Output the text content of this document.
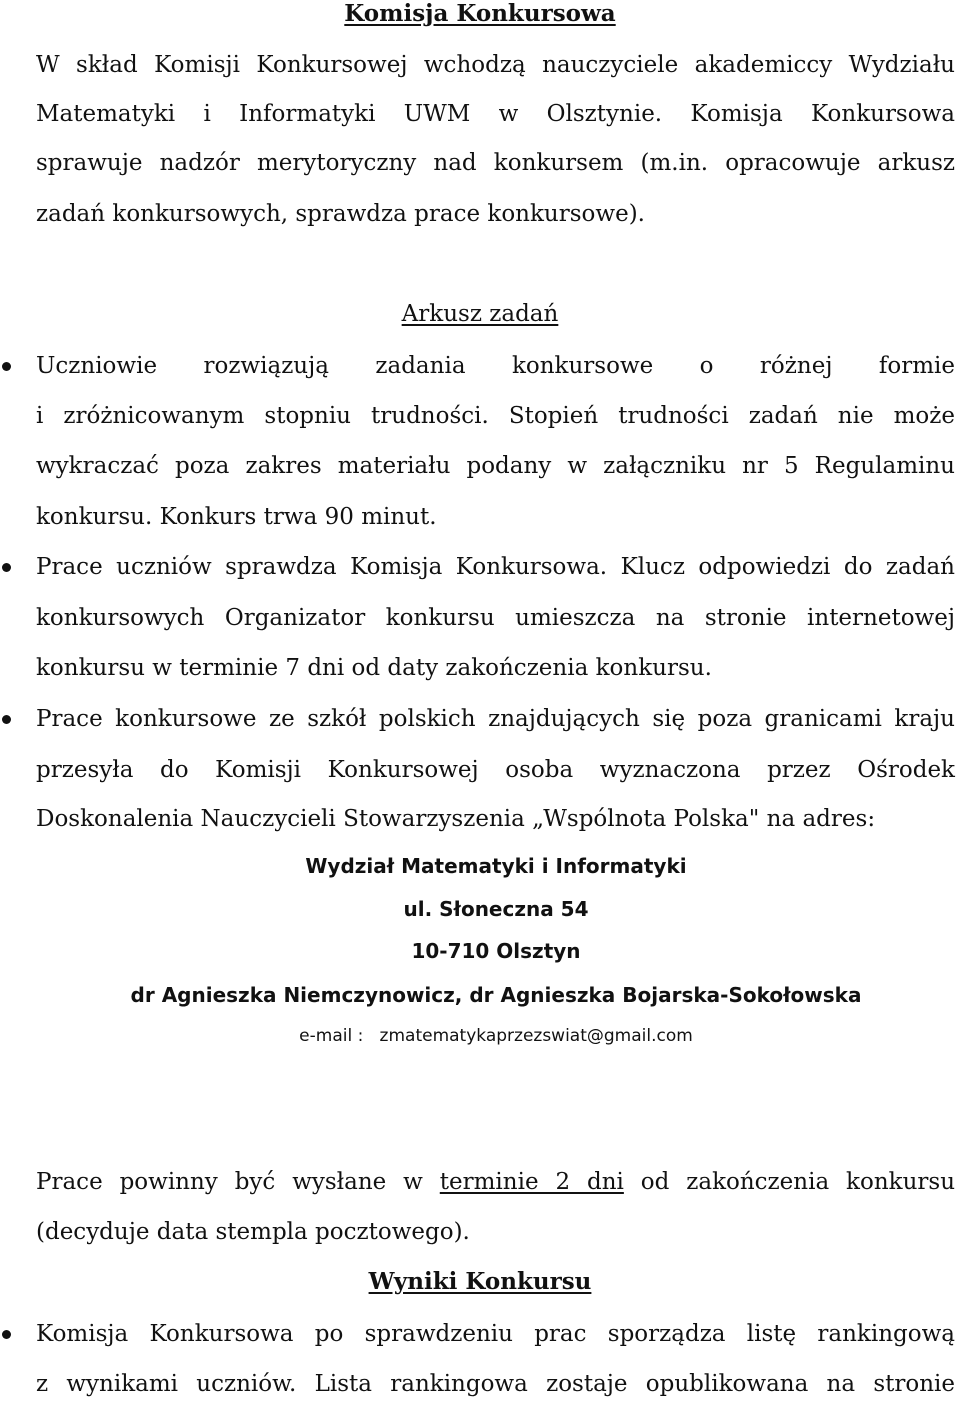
Komisja Konkursowa
W skład Komisji Konkursowej wchodzą nauczyciele akademiccy Wydziału
Matematyki i Informatyki UWM w Olsztynie. Komisja Konkursowa
sprawuje nadzór merytoryczny nad konkursem (m.in. opracowuje arkusz
zadań konkursowych, sprawdza prace konkursowe).
Arkusz zadań
Uczniowie rozwiązują zadania konkursowe o różnej formie
i zróżnicowanym stopniu trudności. Stopień trudności zadań nie może
wykraczać poza zakres materiału podany w załączniku nr 5 Regulaminu
konkursu. Konkurs trwa 90 minut.
Prace uczniów sprawdza Komisja Konkursowa. Klucz odpowiedzi do zadań
konkursowych Organizator konkursu umieszcza na stronie internetowej
konkursu w terminie 7 dni od daty zakończenia konkursu.
Prace konkursowe ze szkół polskich znajdujących się poza granicami kraju
przesyła do Komisji Konkursowej osoba wyznaczona przez Ośrodek
Doskonalenia Nauczycieli Stowarzyszenia „Wspólnota Polska" na adres:
Wydział Matematyki i Informatyki
ul. Słoneczna 54
10-710 Olsztyn
dr Agnieszka Niemczynowicz, dr Agnieszka Bojarska-Sokołowska
e-mail : zmatematykaprzezswiat@gmail.com
Prace powinny być wysłane w terminie 2 dni od zakończenia konkursu
(decyduje data stempla pocztowego).
Wyniki Konkursu
Komisja Konkursowa po sprawdzeniu prac sporządza listę rankingową
z wynikami uczniów. Lista rankingowa zostaje opublikowana na stronie
